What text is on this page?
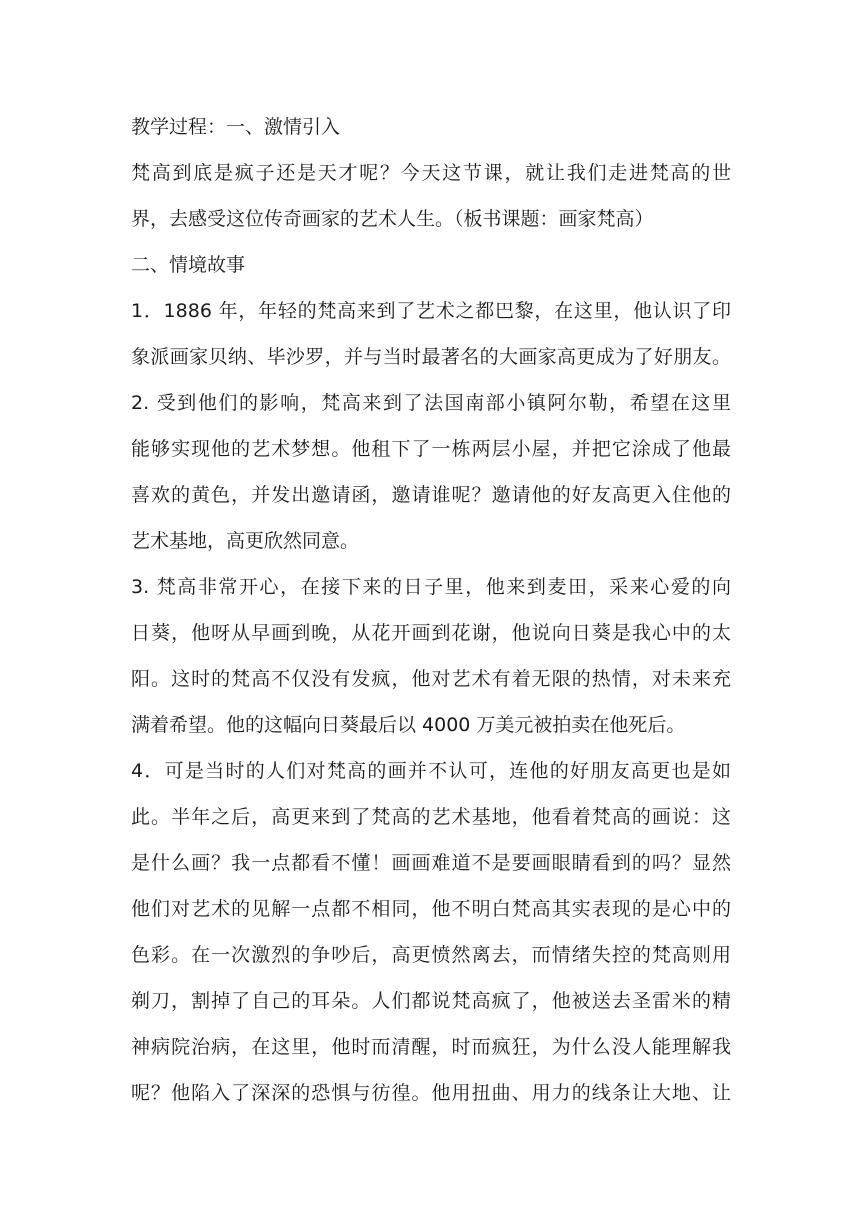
教学过程：一、激情引入
梵高到底是疯子还是天才呢？今天这节课，就让我们走进梵高的世
界，去感受这位传奇画家的艺术人生。（板书课题：画家梵高）
二、情境故事
1．1886 年，年轻的梵高来到了艺术之都巴黎，在这里，他认识了印
象派画家贝纳、毕沙罗，并与当时最著名的大画家高更成为了好朋友。
2. 受到他们的影响，梵高来到了法国南部小镇阿尔勒，希望在这里
能够实现他的艺术梦想。他租下了一栋两层小屋，并把它涂成了他最
喜欢的黄色，并发出邀请函，邀请谁呢？邀请他的好友高更入住他的
艺术基地，高更欣然同意。
3. 梵高非常开心，在接下来的日子里，他来到麦田，采来心爱的向
日葵，他呀从早画到晚，从花开画到花谢，他说向日葵是我心中的太
阳。这时的梵高不仅没有发疯，他对艺术有着无限的热情，对未来充
满着希望。他的这幅向日葵最后以 4000 万美元被拍卖在他死后。
4．可是当时的人们对梵高的画并不认可，连他的好朋友高更也是如
此。半年之后，高更来到了梵高的艺术基地，他看着梵高的画说：这
是什么画？我一点都看不懂！画画难道不是要画眼睛看到的吗？显然
他们对艺术的见解一点都不相同，他不明白梵高其实表现的是心中的
色彩。在一次激烈的争吵后，高更愤然离去，而情绪失控的梵高则用
剃刀，割掉了自己的耳朵。人们都说梵高疯了，他被送去圣雷米的精
神病院治病，在这里，他时而清醒，时而疯狂，为什么没人能理解我
呢？他陷入了深深的恐惧与彷徨。他用扭曲、用力的线条让大地、让
